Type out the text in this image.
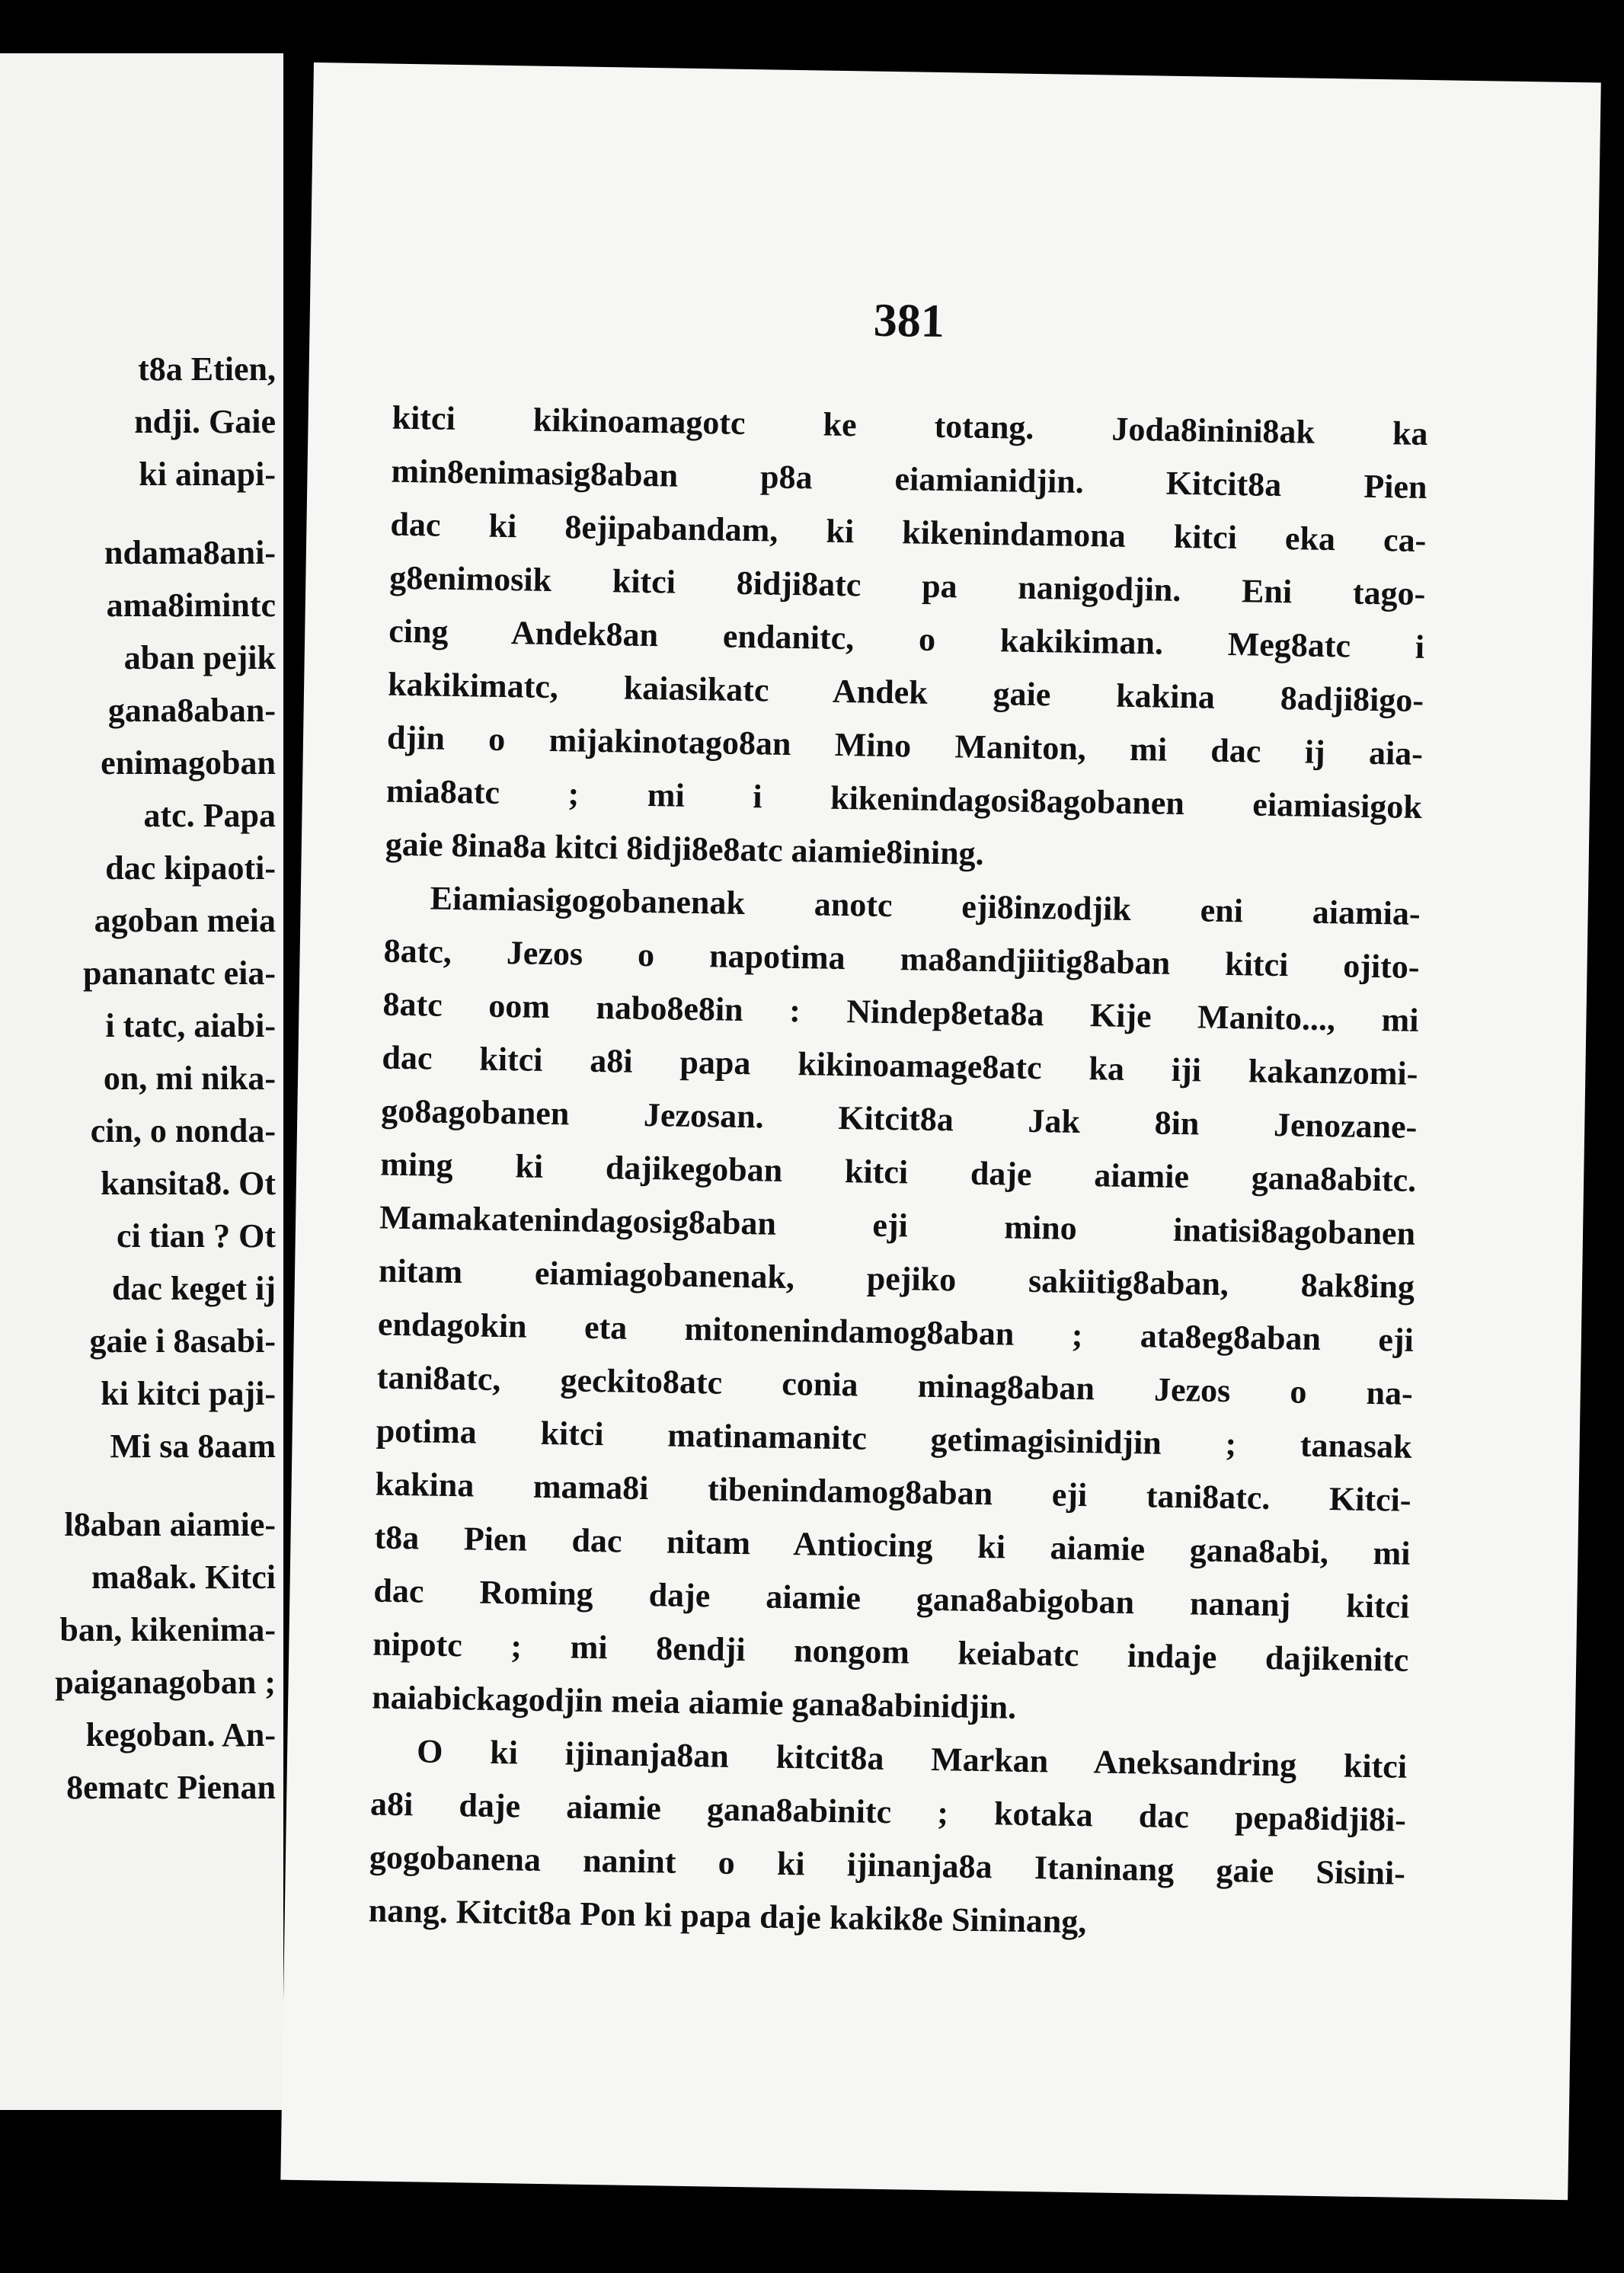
t8a Etien,
ndji. Gaie
ki ainapi-
ndama8ani-
ama8imintc
aban pejik
gana8aban-
enimagoban
atc. Papa
dac kipaoti-
agoban meia
pananatc eia-
i tatc, aiabi-
on, mi nika-
cin, o nonda-
kansita8. Ot
ci tian ? Ot
dac keget ij
gaie i 8asabi-
ki kitci paji-
Mi sa 8aam
l8aban aiamie-
ma8ak. Kitci
ban, kikenima-
paiganagoban ;
kegoban. An-
8ematc Pienan
381
kitci kikinoamagotc ke totang. Joda8inini8ak ka
min8enimasig8aban p8a eiamianidjin. Kitcit8a Pien
dac ki 8ejipabandam, ki kikenindamona kitci eka ca-
g8enimosik kitci 8idji8atc pa nanigodjin. Eni tago-
cing Andek8an endanitc, o kakikiman. Meg8atc i
kakikimatc, kaiasikatc Andek gaie kakina 8adji8igo-
djin o mijakinotago8an Mino Maniton, mi dac ij aia-
mia8atc ; mi i kikenindagosi8agobanen eiamiasigok
gaie 8ina8a kitci 8idji8e8atc aiamie8ining.
Eiamiasigogobanenak anotc eji8inzodjik eni aiamia-
8atc, Jezos o napotima ma8andjiitig8aban kitci ojito-
8atc oom nabo8e8in : Nindep8eta8a Kije Manito..., mi
dac kitci a8i papa kikinoamage8atc ka iji kakanzomi-
go8agobanen Jezosan. Kitcit8a Jak 8in Jenozane-
ming ki dajikegoban kitci daje aiamie gana8abitc.
Mamakatenindagosig8aban eji mino inatisi8agobanen
nitam eiamiagobanenak, pejiko sakiitig8aban, 8ak8ing
endagokin eta mitonenindamog8aban ; ata8eg8aban eji
tani8atc, geckito8atc conia minag8aban Jezos o na-
potima kitci matinamanitc getimagisinidjin ; tanasak
kakina mama8i tibenindamog8aban eji tani8atc. Kitci-
t8a Pien dac nitam Antiocing ki aiamie gana8abi, mi
dac Roming daje aiamie gana8abigoban nananj kitci
nipotc ; mi 8endji nongom keiabatc indaje dajikenitc
naiabickagodjin meia aiamie gana8abinidjin.
O ki ijinanja8an kitcit8a Markan Aneksandring kitci
a8i daje aiamie gana8abinitc ; kotaka dac pepa8idji8i-
gogobanena nanint o ki ijinanja8a Itaninang gaie Sisini-
nang. Kitcit8a Pon ki papa daje kakik8e Sininang,
